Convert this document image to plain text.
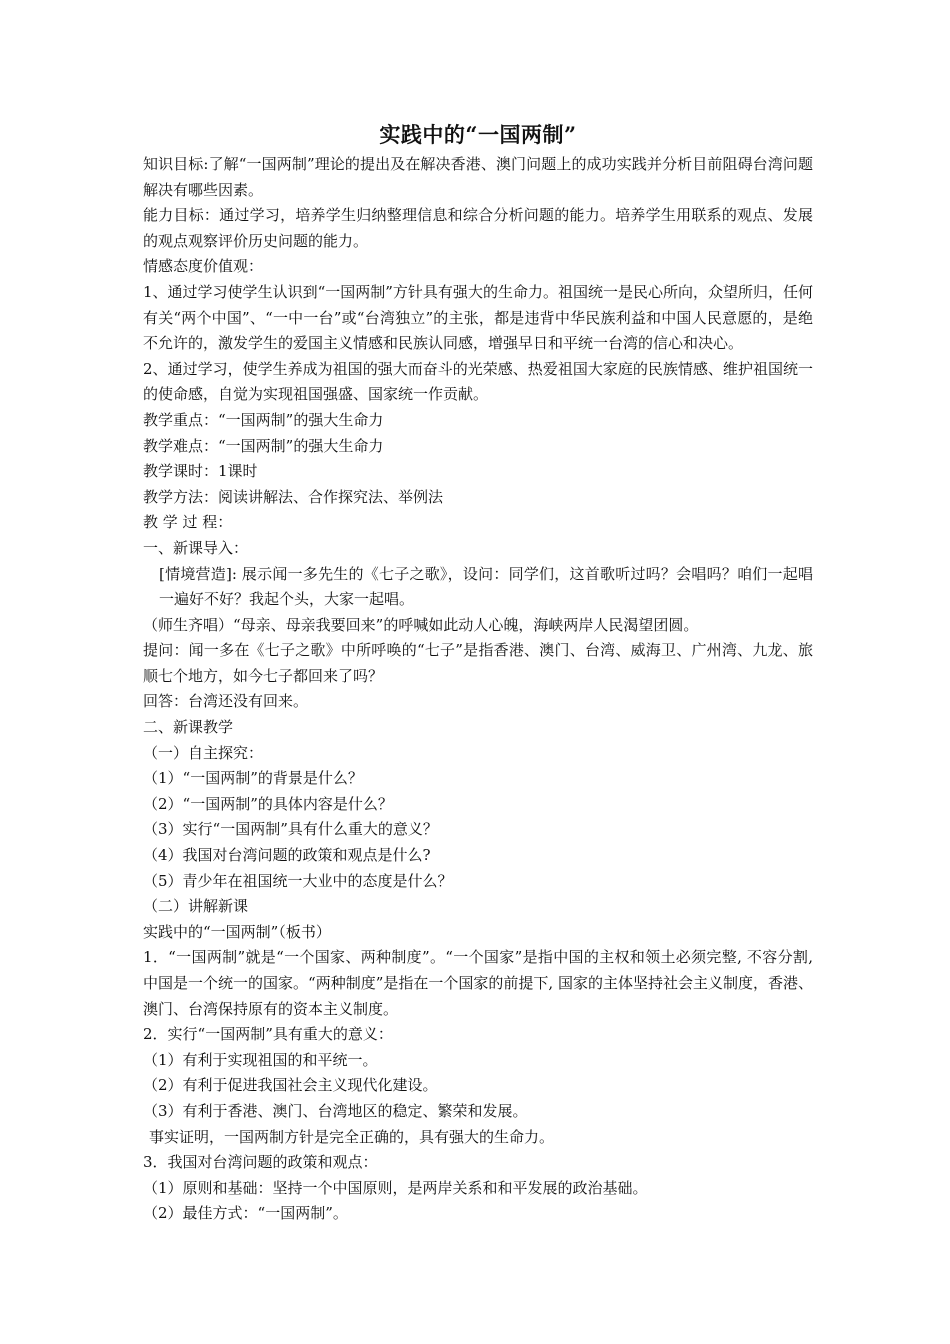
实践中的“一国两制”

知识目标:了解“一国两制”理论的提出及在解决香港、澳门问题上的成功实践并分析目前阻碍台湾问题解决有哪些因素。

能力目标：通过学习，培养学生归纳整理信息和综合分析问题的能力。培养学生用联系的观点、发展的观点观察评价历史问题的能力。

情感态度价值观：

1、通过学习使学生认识到“一国两制”方针具有强大的生命力。祖国统一是民心所向，众望所归，任何有关“两个中国”、“一中一台”或“台湾独立”的主张，都是违背中华民族利益和中国人民意愿的，是绝不允许的，激发学生的爱国主义情感和民族认同感，增强早日和平统一台湾的信心和决心。

2、通过学习，使学生养成为祖国的强大而奋斗的光荣感、热爱祖国大家庭的民族情感、维护祖国统一的使命感，自觉为实现祖国强盛、国家统一作贡献。

教学重点：“一国两制”的强大生命力

教学难点：“一国两制”的强大生命力

教学课时：1课时

教学方法：阅读讲解法、合作探究法、举例法

教 学 过 程：

一、新课导入：

[情境营造]: 展示闻一多先生的《七子之歌》，设问：同学们，这首歌听过吗？会唱吗？咱们一起唱一遍好不好？我起个头，大家一起唱。

（师生齐唱）“母亲、母亲我要回来”的呼喊如此动人心魄，海峡两岸人民渴望团圆。

提问：闻一多在《七子之歌》中所呼唤的“七子”是指香港、澳门、台湾、威海卫、广州湾、九龙、旅顺七个地方，如今七子都回来了吗？

回答：台湾还没有回来。

二、新课教学

（一）自主探究：

（1）“一国两制”的背景是什么？

（2）“一国两制”的具体内容是什么？

（3）实行“一国两制”具有什么重大的意义？

（4）我国对台湾问题的政策和观点是什么?

（5）青少年在祖国统一大业中的态度是什么？

（二）讲解新课

实践中的“一国两制”（板书）

1．“一国两制”就是“一个国家、两种制度”。“一个国家”是指中国的主权和领土必须完整, 不容分割, 中国是一个统一的国家。“两种制度”是指在一个国家的前提下, 国家的主体坚持社会主义制度，香港、澳门、台湾保持原有的资本主义制度。

2．实行“一国两制”具有重大的意义：

（1）有利于实现祖国的和平统一。

（2）有利于促进我国社会主义现代化建设。

（3）有利于香港、澳门、台湾地区的稳定、繁荣和发展。

事实证明，一国两制方针是完全正确的，具有强大的生命力。

3．我国对台湾问题的政策和观点：

（1）原则和基础：坚持一个中国原则，是两岸关系和和平发展的政治基础。

（2）最佳方式：“一国两制”。
